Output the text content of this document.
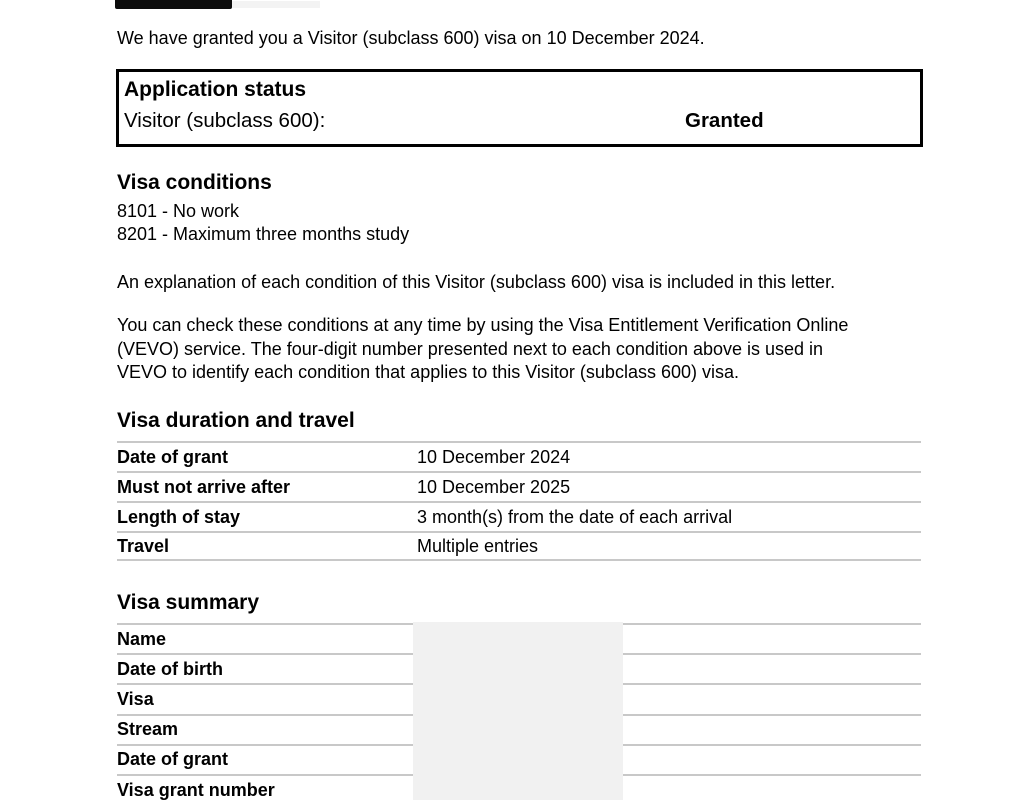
We have granted you a Visitor (subclass 600) visa on 10 December 2024.

Application status
Visitor (subclass 600):	Granted
Visa conditions
8101 - No work
8201 - Maximum three months study

An explanation of each condition of this Visitor (subclass 600) visa is included in this letter.

You can check these conditions at any time by using the Visa Entitlement Verification Online
(VEVO) service. The four-digit number presented next to each condition above is used in
VEVO to identify each condition that applies to this Visitor (subclass 600) visa.
Visa duration and travel
Date of grant	10 December 2024
Must not arrive after	10 December 2025
Length of stay	3 month(s) from the date of each arrival
Travel	Multiple entries
Visa summary
Name
Date of birth
Visa
Stream
Date of grant
Visa grant number
